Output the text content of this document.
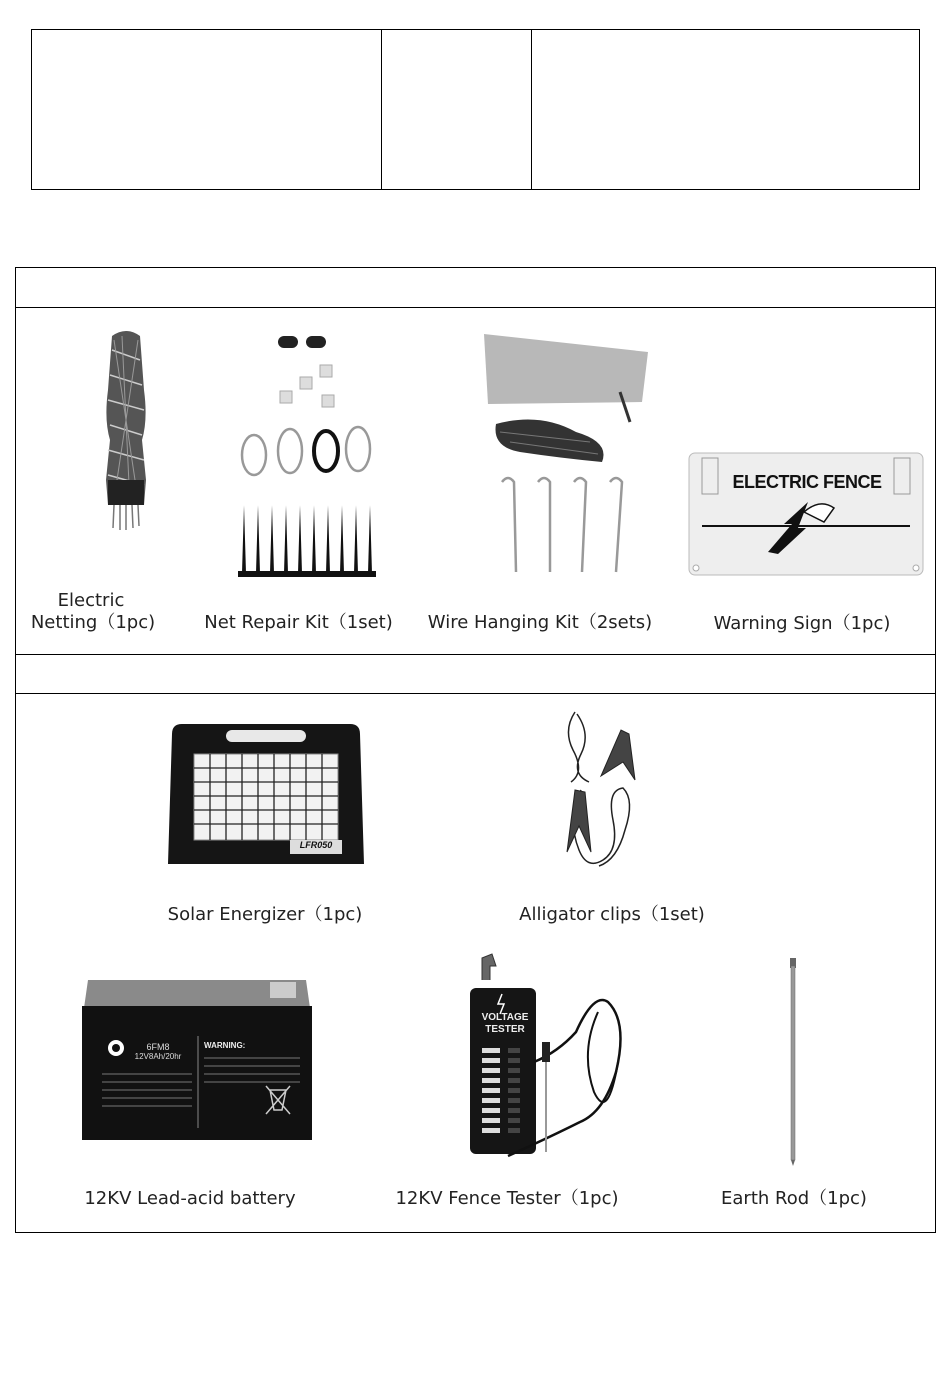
ELECTRIC FENCE
Electric
Netting（1pc)	Net Repair Kit（1set)	Wire Hanging Kit（2sets)	Warning Sign（1pc)
LFR050
Solar Energizer（1pc)	Alligator clips（1set)
6FM8
12V8Ah/20hr
WARNING:
VOLTAGE
TESTER
12KV Lead-acid battery	12KV Fence Tester（1pc)	Earth Rod（1pc)
